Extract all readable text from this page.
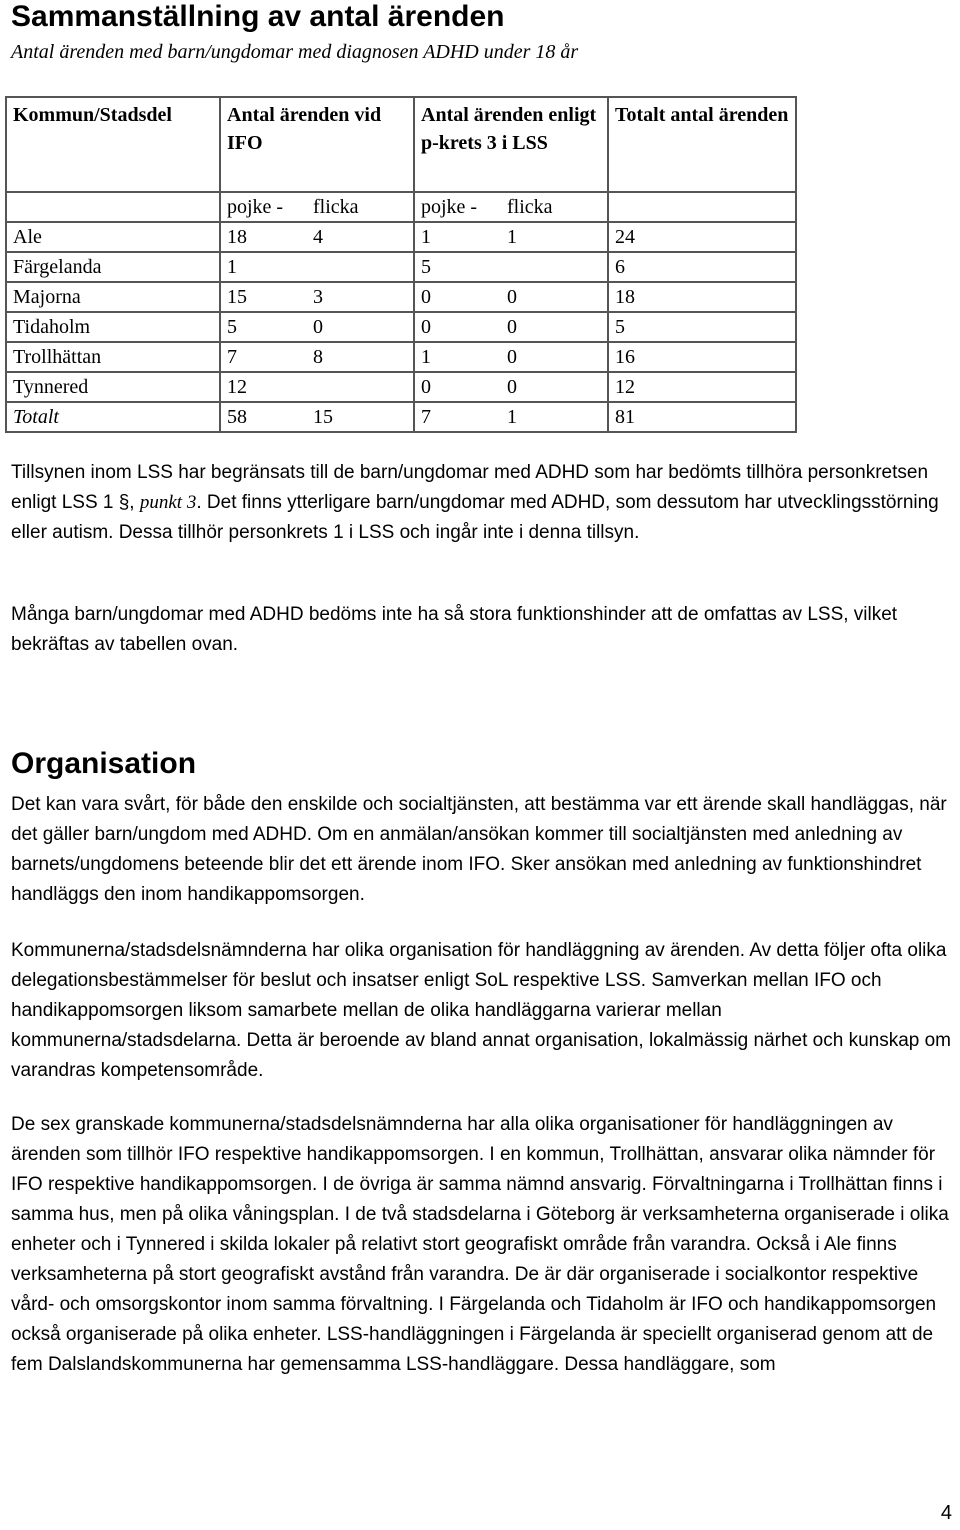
Sammanställning av antal ärenden

Antal ärenden med barn/ungdomar med diagnosen ADHD under 18 år

Kommun/Stadsdel	Antal ärenden vid IFO	Antal ärenden enligt p-krets 3 i LSS	Totalt antal ärenden

	pojke - flicka	pojke - flicka	

Ale	18 4	1 1	24
Färgelanda	1	5	6
Majorna	15 3	0 0	18
Tidaholm	5 0	0 0	5
Trollhättan	7 8	1 0	16
Tynnered	12	0 0	12
Totalt	58 15	7 1	81

Tillsynen inom LSS har begränsats till de barn/ungdomar med ADHD som har bedömts tillhöra personkretsen enligt LSS 1 §, punkt 3. Det finns ytterligare barn/ungdomar med ADHD, som dessutom har utvecklingsstörning eller autism. Dessa tillhör personkrets 1 i LSS och ingår inte i denna tillsyn.

Många barn/ungdomar med ADHD bedöms inte ha så stora funktionshinder att de omfattas av LSS, vilket bekräftas av tabellen ovan.

Organisation

Det kan vara svårt, för både den enskilde och socialtjänsten, att bestämma var ett ärende skall handläggas, när det gäller barn/ungdom med ADHD. Om en anmälan/ansökan kommer till socialtjänsten med anledning av barnets/ungdomens beteende blir det ett ärende inom IFO. Sker ansökan med anledning av funktionshindret handläggs den inom handikappomsorgen.

Kommunerna/stadsdelsnämnderna har olika organisation för handläggning av ärenden. Av detta följer ofta olika delegationsbestämmelser för beslut och insatser enligt SoL respektive LSS. Samverkan mellan IFO och handikappomsorgen liksom samarbete mellan de olika handläggarna varierar mellan kommunerna/stadsdelarna. Detta är beroende av bland annat organisation, lokalmässig närhet och kunskap om varandras kompetensområde.

De sex granskade kommunerna/stadsdelsnämnderna har alla olika organisationer för handläggningen av ärenden som tillhör IFO respektive handikappomsorgen. I en kommun, Trollhättan, ansvarar olika nämnder för IFO respektive handikappomsorgen. I de övriga är samma nämnd ansvarig. Förvaltningarna i Trollhättan finns i samma hus, men på olika våningsplan. I de två stadsdelarna i Göteborg är verksamheterna organiserade i olika enheter och i Tynnered i skilda lokaler på relativt stort geografiskt område från varandra. Också i Ale finns verksamheterna på stort geografiskt avstånd från varandra. De är där organiserade i socialkontor respektive vård- och omsorgskontor inom samma förvaltning. I Färgelanda och Tidaholm är IFO och handikappomsorgen också organiserade på olika enheter. LSS-handläggningen i Färgelanda är speciellt organiserad genom att de fem Dalslandskommunerna har gemensamma LSS-handläggare. Dessa handläggare, som

4
